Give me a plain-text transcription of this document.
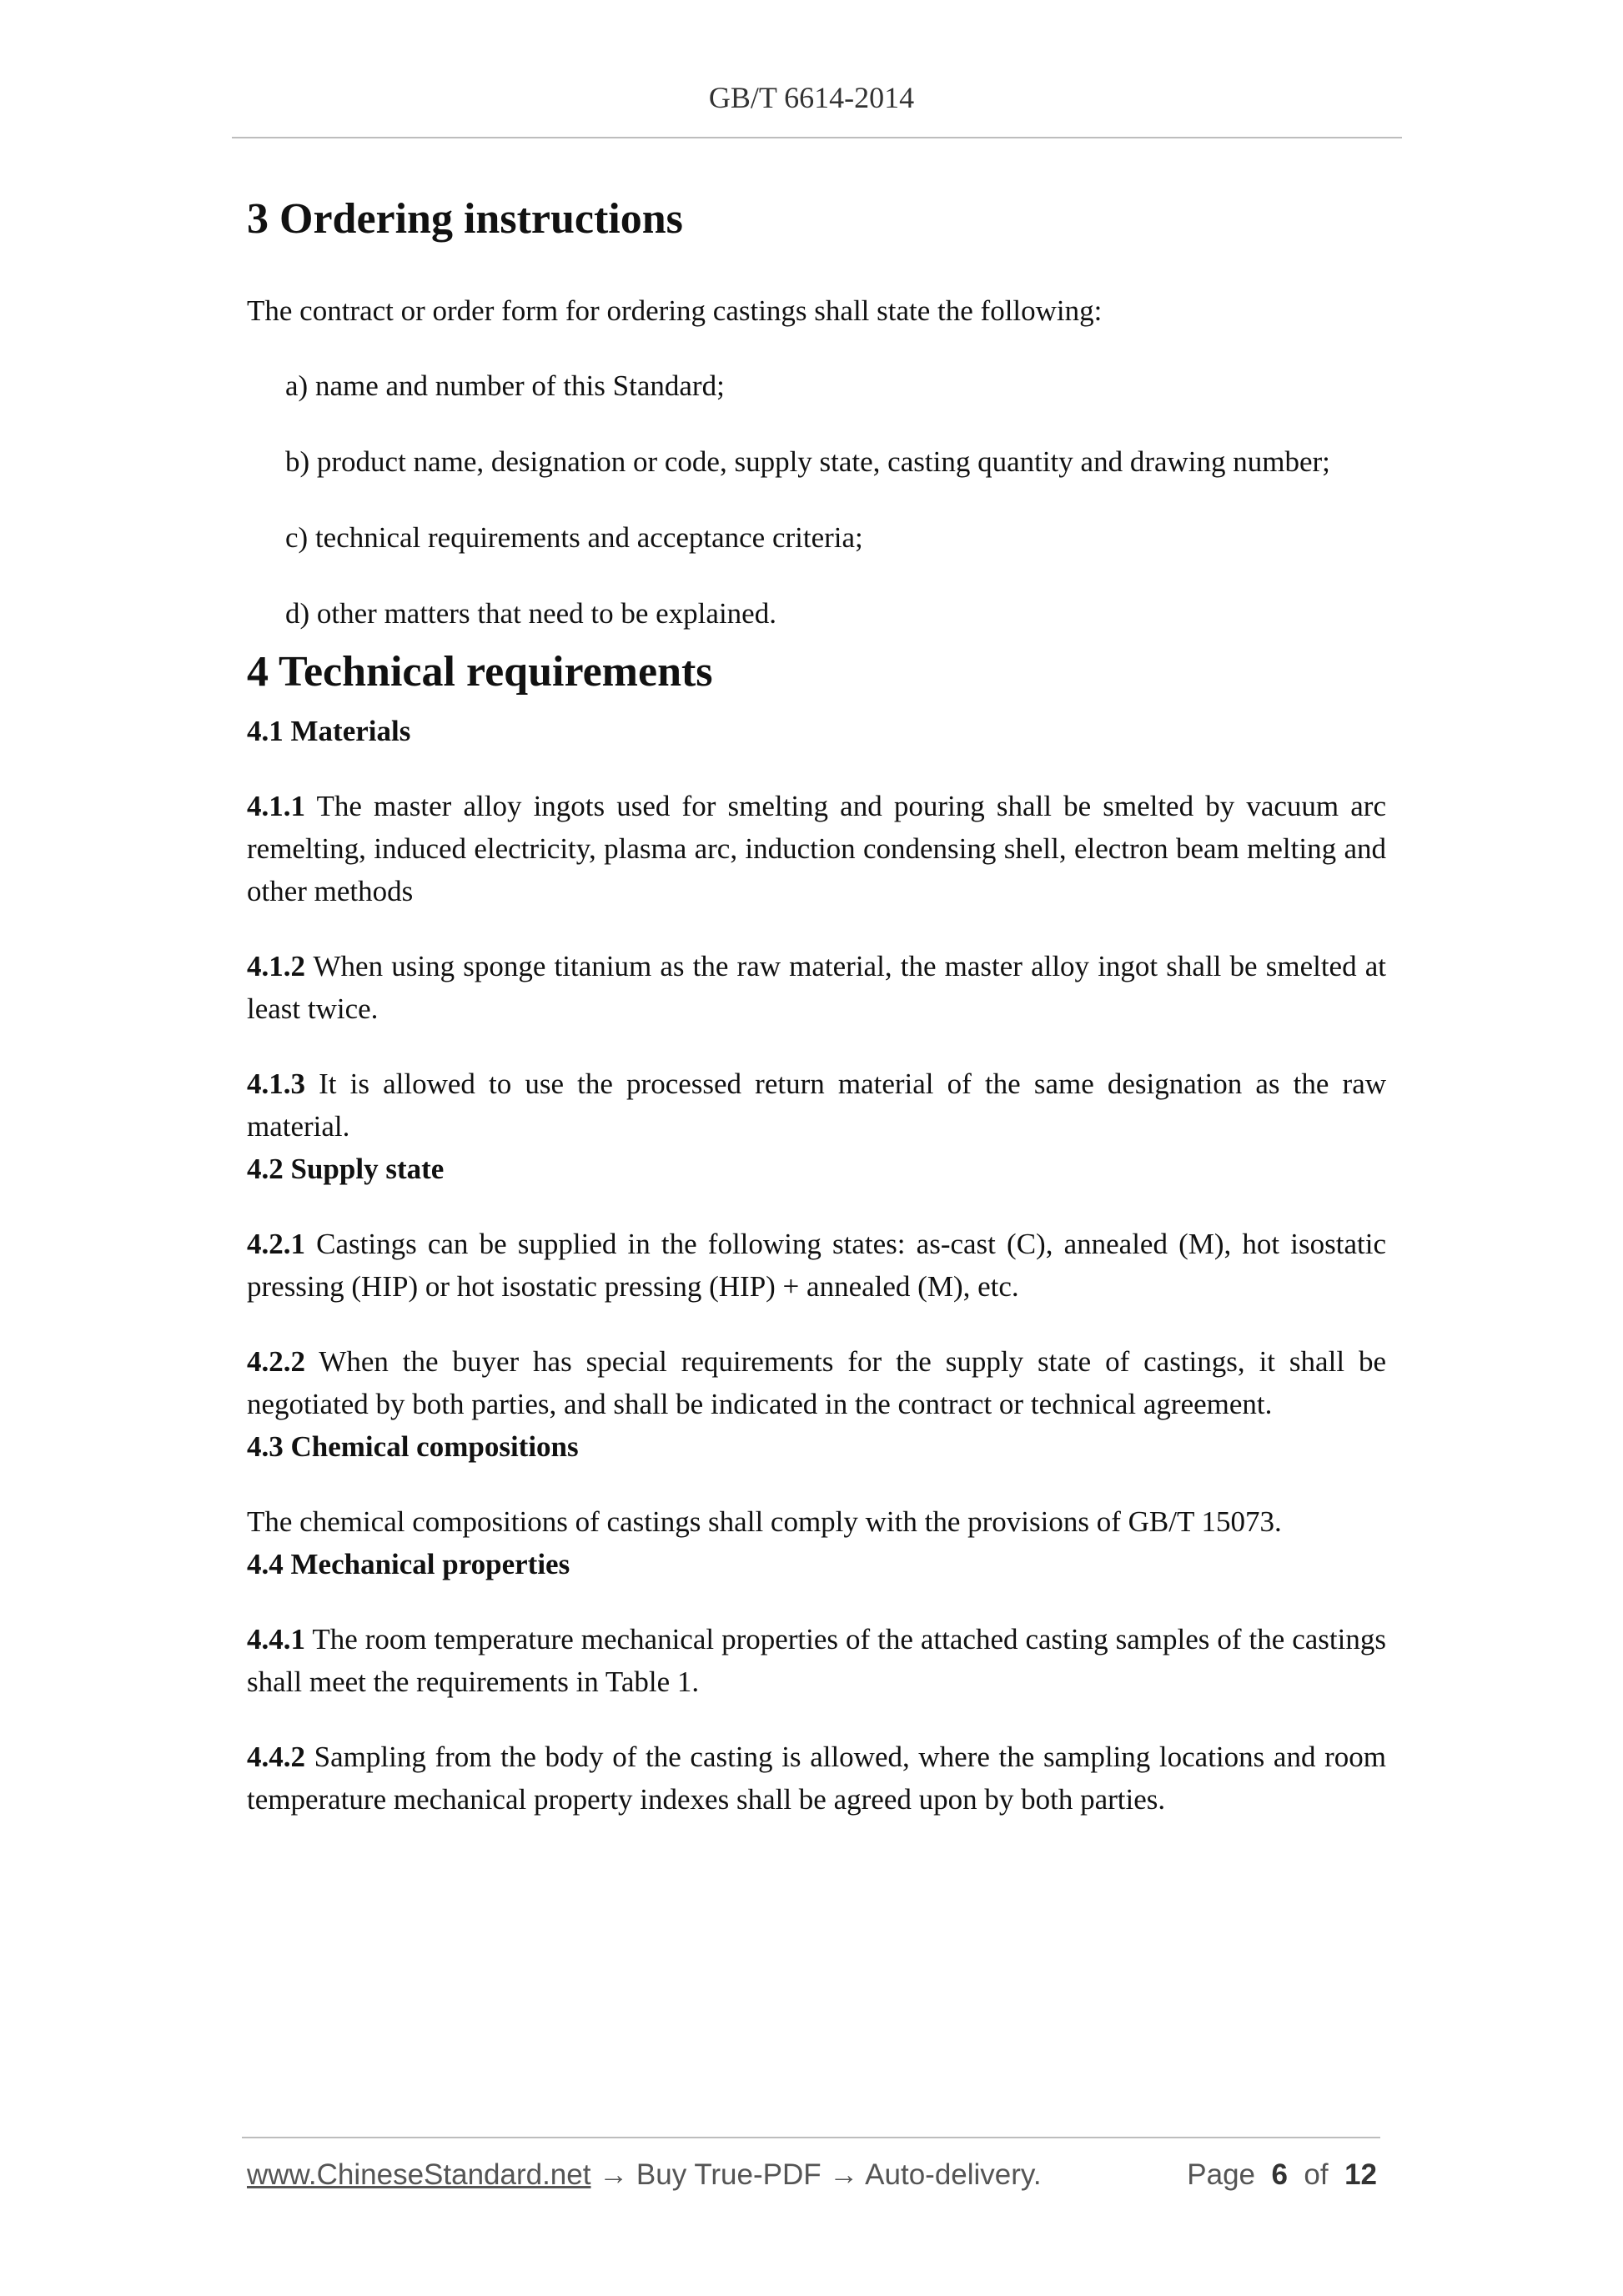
GB/T 6614-2014
3 Ordering instructions

The contract or order form for ordering castings shall state the following:

a) name and number of this Standard;

b) product name, designation or code, supply state, casting quantity and drawing number;

c) technical requirements and acceptance criteria;

d) other matters that need to be explained.

4 Technical requirements

4.1 Materials

4.1.1 The master alloy ingots used for smelting and pouring shall be smelted by vacuum arc remelting, induced electricity, plasma arc, induction condensing shell, electron beam melting and other methods

4.1.2 When using sponge titanium as the raw material, the master alloy ingot shall be smelted at least twice.

4.1.3 It is allowed to use the processed return material of the same designation as the raw material.

4.2 Supply state

4.2.1 Castings can be supplied in the following states: as-cast (C), annealed (M), hot isostatic pressing (HIP) or hot isostatic pressing (HIP) + annealed (M), etc.

4.2.2 When the buyer has special requirements for the supply state of castings, it shall be negotiated by both parties, and shall be indicated in the contract or technical agreement.

4.3 Chemical compositions

The chemical compositions of castings shall comply with the provisions of GB/T 15073.

4.4 Mechanical properties

4.4.1 The room temperature mechanical properties of the attached casting samples of the castings shall meet the requirements in Table 1.

4.4.2 Sampling from the body of the casting is allowed, where the sampling locations and room temperature mechanical property indexes shall be agreed upon by both parties.

www.ChineseStandard.net → Buy True-PDF → Auto-delivery.	Page 6 of 12
